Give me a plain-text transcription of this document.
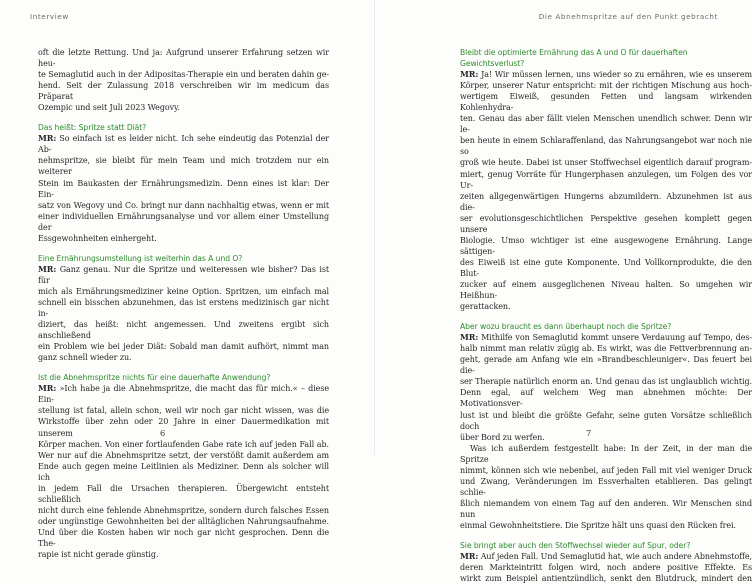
Interview
oft die letzte Rettung. Und ja: Aufgrund unserer Erfahrung setzen wir heu-
te Semaglutid auch in der Adipositas-Therapie ein und beraten dahin ge-
hend. Seit der Zulassung 2018 verschreiben wir im medicum das Präparat
Ozempic und seit Juli 2023 Wegovy.
Das heißt: Spritze statt Diät?
MR: So einfach ist es leider nicht. Ich sehe eindeutig das Potenzial der Ab-
nehmspritze, sie bleibt für mein Team und mich trotzdem nur ein weiterer
Stein im Baukasten der Ernährungsmedizin. Denn eines ist klar: Der Ein-
satz von Wegovy und Co. bringt nur dann nachhaltig etwas, wenn er mit
einer individuellen Ernährungsanalyse und vor allem einer Umstellung der
Essgewohnheiten einhergeht.
Eine Ernährungsumstellung ist weiterhin das A und O?
MR: Ganz genau. Nur die Spritze und weiteressen wie bisher? Das ist für
mich als Ernährungsmediziner keine Option. Spritzen, um einfach mal
schnell ein bisschen abzunehmen, das ist erstens medizinisch gar nicht in-
diziert, das heißt: nicht angemessen. Und zweitens ergibt sich anschließend
ein Problem wie bei jeder Diät: Sobald man damit aufhört, nimmt man
ganz schnell wieder zu.
Ist die Abnehmspritze nichts für eine dauerhafte Anwendung?
MR: »Ich habe ja die Abnehmspritze, die macht das für mich.« – diese Ein-
stellung ist fatal, allein schon, weil wir noch gar nicht wissen, was die
Wirkstoffe über zehn oder 20 Jahre in einer Dauermedikation mit unserem
Körper machen. Von einer fortlaufenden Gabe rate ich auf jeden Fall ab.
Wer nur auf die Abnehmspritze setzt, der verstößt damit außerdem am
Ende auch gegen meine Leitlinien als Mediziner. Denn als solcher will ich
in jedem Fall die Ursachen therapieren. Übergewicht entsteht schließlich
nicht durch eine fehlende Abnehmspritze, sondern durch falsches Essen
oder ungünstige Gewohnheiten bei der alltäglichen Nahrungsaufnahme.
Und über die Kosten haben wir noch gar nicht gesprochen. Denn die The-
rapie ist nicht gerade günstig.
6
Die Abnehmspritze auf den Punkt gebracht
Bleibt die optimierte Ernährung das A und O für dauerhaften
Gewichtsverlust?
MR: Ja! Wir müssen lernen, uns wieder so zu ernähren, wie es unserem
Körper, unserer Natur entspricht: mit der richtigen Mischung aus hoch-
wertigem Eiweiß, gesunden Fetten und langsam wirkenden Kohlenhydra-
ten. Genau das aber fällt vielen Menschen unendlich schwer. Denn wir le-
ben heute in einem Schlaraffenland, das Nahrungsangebot war noch nie so
groß wie heute. Dabei ist unser Stoffwechsel eigentlich darauf program-
miert, genug Vorräte für Hungerphasen anzulegen, um Folgen des vor Ur-
zeiten allgegenwärtigen Hungerns abzumildern. Abzunehmen ist aus die-
ser evolutionsgeschichtlichen Perspektive gesehen komplett gegen unsere
Biologie. Umso wichtiger ist eine ausgewogene Ernährung. Lange sättigen-
des Eiweiß ist eine gute Komponente. Und Vollkornprodukte, die den Blut-
zucker auf einem ausgeglichenen Niveau halten. So umgehen wir Heißhun-
gerattacken.
Aber wozu braucht es dann überhaupt noch die Spritze?
MR: Mithilfe von Semaglutid kommt unsere Verdauung auf Tempo, des-
halb nimmt man relativ zügig ab. Es wirkt, was die Fettverbrennung an-
geht, gerade am Anfang wie ein »Brandbeschleuniger«. Das feuert bei die-
ser Therapie natürlich enorm an. Und genau das ist unglaublich wichtig.
Denn egal, auf welchem Weg man abnehmen möchte: Der Motivationsver-
lust ist und bleibt die größte Gefahr, seine guten Vorsätze schließlich doch
über Bord zu werfen.
Was ich außerdem festgestellt habe: In der Zeit, in der man die Spritze
nimmt, können sich wie nebenbei, auf jeden Fall mit viel weniger Druck
und Zwang, Veränderungen im Essverhalten etablieren. Das gelingt schlie-
ßlich niemandem von einem Tag auf den anderen. Wir Menschen sind nun
einmal Gewohnheitstiere. Die Spritze hält uns quasi den Rücken frei.
Sie bringt aber auch den Stoffwechsel wieder auf Spur, oder?
MR: Auf jeden Fall. Und Semaglutid hat, wie auch andere Abnehmstoffe,
deren Markteintritt folgen wird, noch andere positive Effekte. Es
wirkt zum Beispiel antientzündlich, senkt den Blutdruck, mindert den
7
